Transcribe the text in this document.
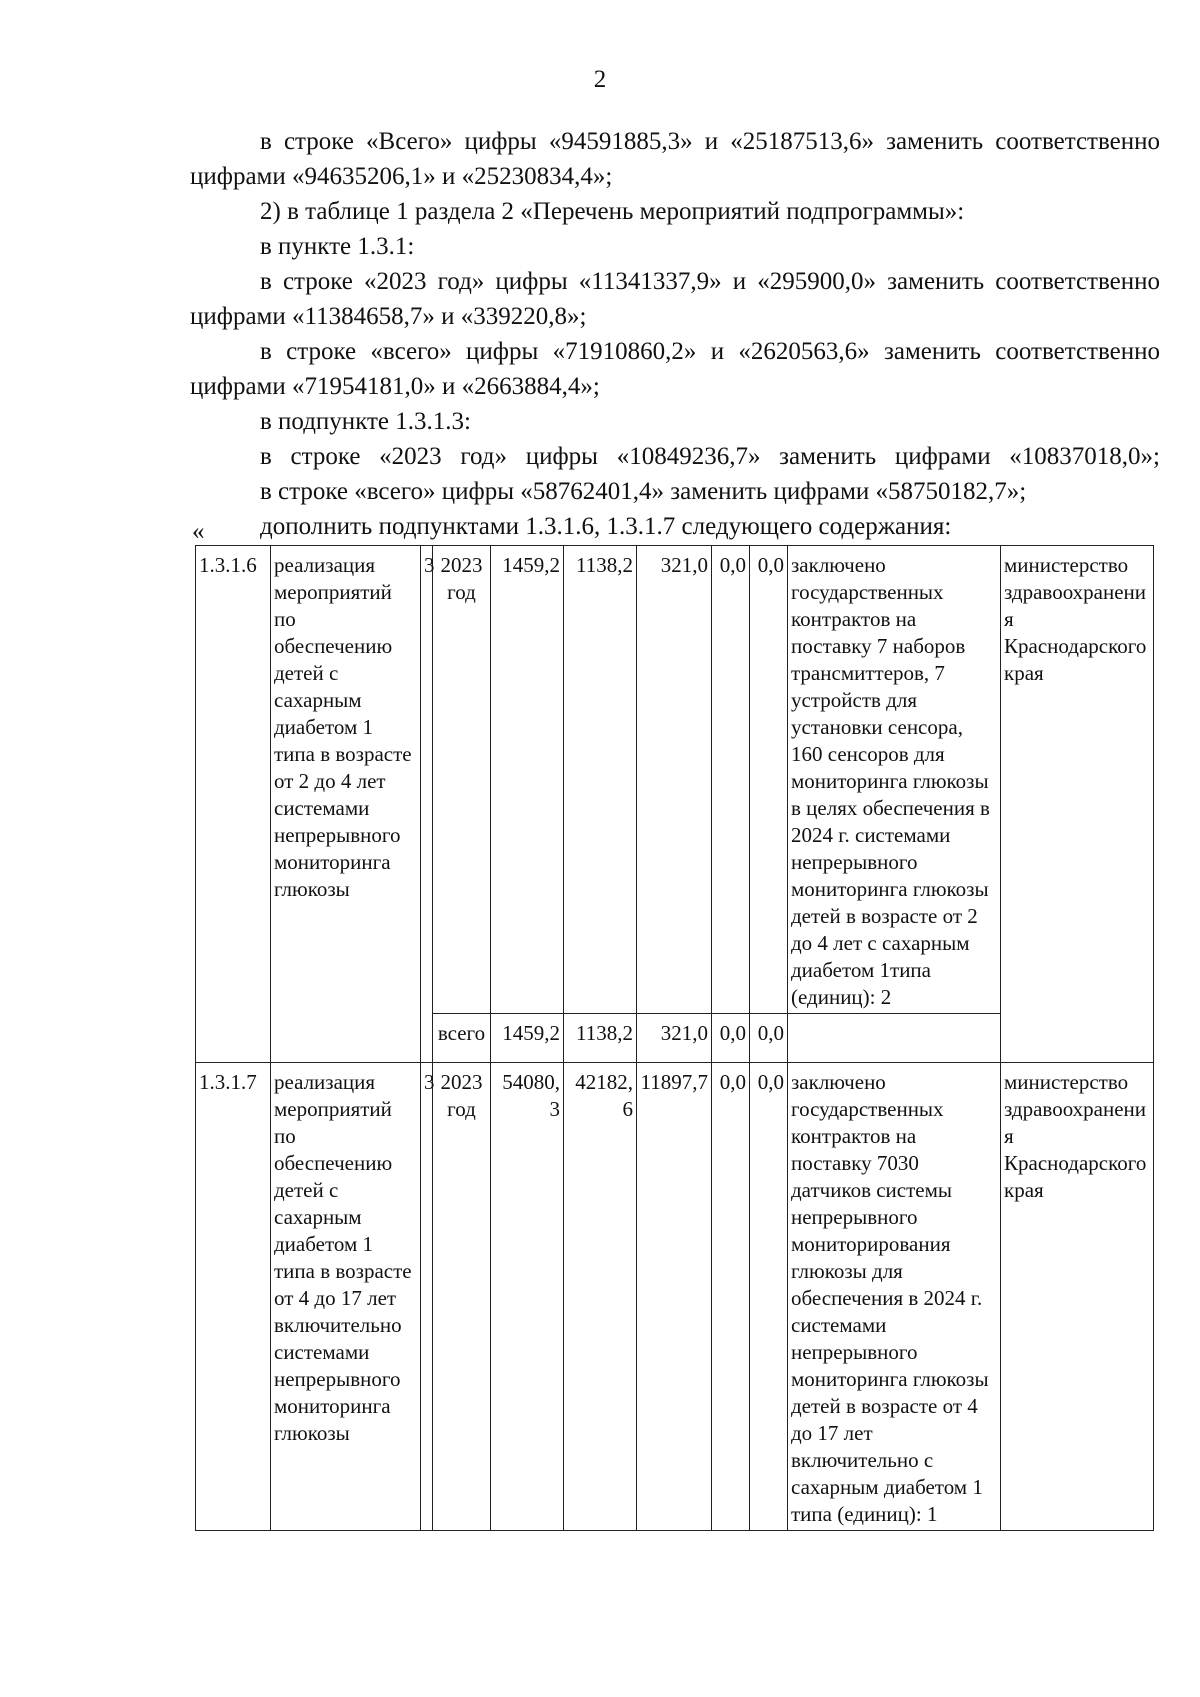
2

в строке «Всего» цифры «94591885,3» и «25187513,6» заменить соответственно цифрами «94635206,1» и «25230834,4»;

2) в таблице 1 раздела 2 «Перечень мероприятий подпрограммы»:

в пункте 1.3.1:

в строке «2023 год» цифры «11341337,9» и «295900,0» заменить соответственно цифрами «11384658,7» и «339220,8»;

в строке «всего» цифры «71910860,2» и «2620563,6» заменить соответственно цифрами «71954181,0» и «2663884,4»;

в подпункте 1.3.1.3:

в строке «2023 год» цифры «10849236,7» заменить цифрами «10837018,0»;

в строке «всего» цифры «58762401,4» заменить цифрами «58750182,7»;

дополнить подпунктами 1.3.1.6, 1.3.1.7 следующего содержания:

«
1.3.1.6	реализация мероприятий по обеспечению детей с сахарным диабетом 1 типа в возрасте от 2 до 4 лет системами непрерывного мониторинга глюкозы	3	2023 год	1459,2	1138,2	321,0	0,0	0,0	заключено государственных контрактов на поставку 7 наборов трансмиттеров, 7 устройств для установки сенсора, 160 сенсоров для мониторинга глюкозы в целях обеспечения в 2024 г. системами непрерывного мониторинга глюкозы детей в возрасте от 2 до 4 лет с сахарным диабетом 1типа (единиц): 2	министерство здравоохранения Краснодарского края
			всего	1459,2	1138,2	321,0	0,0	0,0		
1.3.1.7	реализация мероприятий по обеспечению детей с сахарным диабетом 1 типа в возрасте от 4 до 17 лет включительно системами непрерывного мониторинга глюкозы	3	2023 год	54080,3	42182,6	11897,7	0,0	0,0	заключено государственных контрактов на поставку 7030 датчиков системы непрерывного мониторирования глюкозы для обеспечения в 2024 г. системами непрерывного мониторинга глюкозы детей в возрасте от 4 до 17 лет включительно с сахарным диабетом 1 типа (единиц): 1	министерство здравоохранения Краснодарского края
